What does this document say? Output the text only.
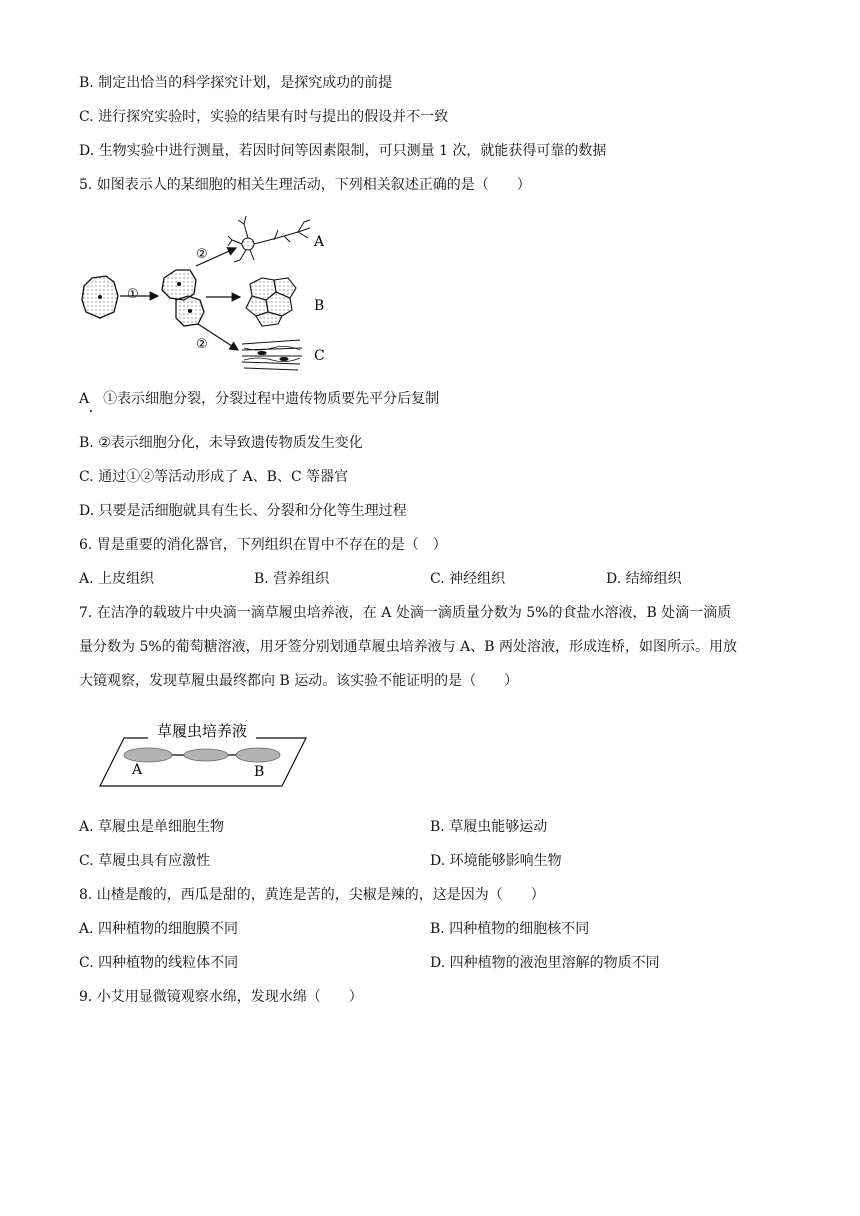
B. 制定出恰当的科学探究计划，是探究成功的前提
C. 进行探究实验时，实验的结果有时与提出的假设并不一致
D. 生物实验中进行测量，若因时间等因素限制，可只测量 1 次，就能获得可靠的数据
5. 如图表示人的某细胞的相关生理活动，下列相关叙述正确的是（　　）
①
②
②
A
B
C
A　①表示细胞分裂，分裂过程中遗传物质要先平分后复制
B. ②表示细胞分化，未导致遗传物质发生变化
C. 通过①②等活动形成了 A、B、C 等器官
D. 只要是活细胞就具有生长、分裂和分化等生理过程
6. 胃是重要的消化器官，下列组织在胃中不存在的是（　）
A. 上皮组织	B. 营养组织	C. 神经组织	D. 结缔组织
7. 在洁净的载玻片中央滴一滴草履虫培养液，在 A 处滴一滴质量分数为 5%的食盐水溶液，B 处滴一滴质
量分数为 5%的葡萄糖溶液，用牙签分别划通草履虫培养液与 A、B 两处溶液，形成连桥，如图所示。用放
大镜观察，发现草履虫最终都向 B 运动。该实验不能证明的是（　　）
草履虫培养液
A	B
A. 草履虫是单细胞生物	B. 草履虫能够运动
C. 草履虫具有应激性	D. 环境能够影响生物
8. 山楂是酸的，西瓜是甜的，黄连是苦的，尖椒是辣的，这是因为（　　）
A. 四种植物的细胞膜不同	B. 四种植物的细胞核不同
C. 四种植物的线粒体不同	D. 四种植物的液泡里溶解的物质不同
9. 小艾用显微镜观察水绵，发现水绵（　　）
